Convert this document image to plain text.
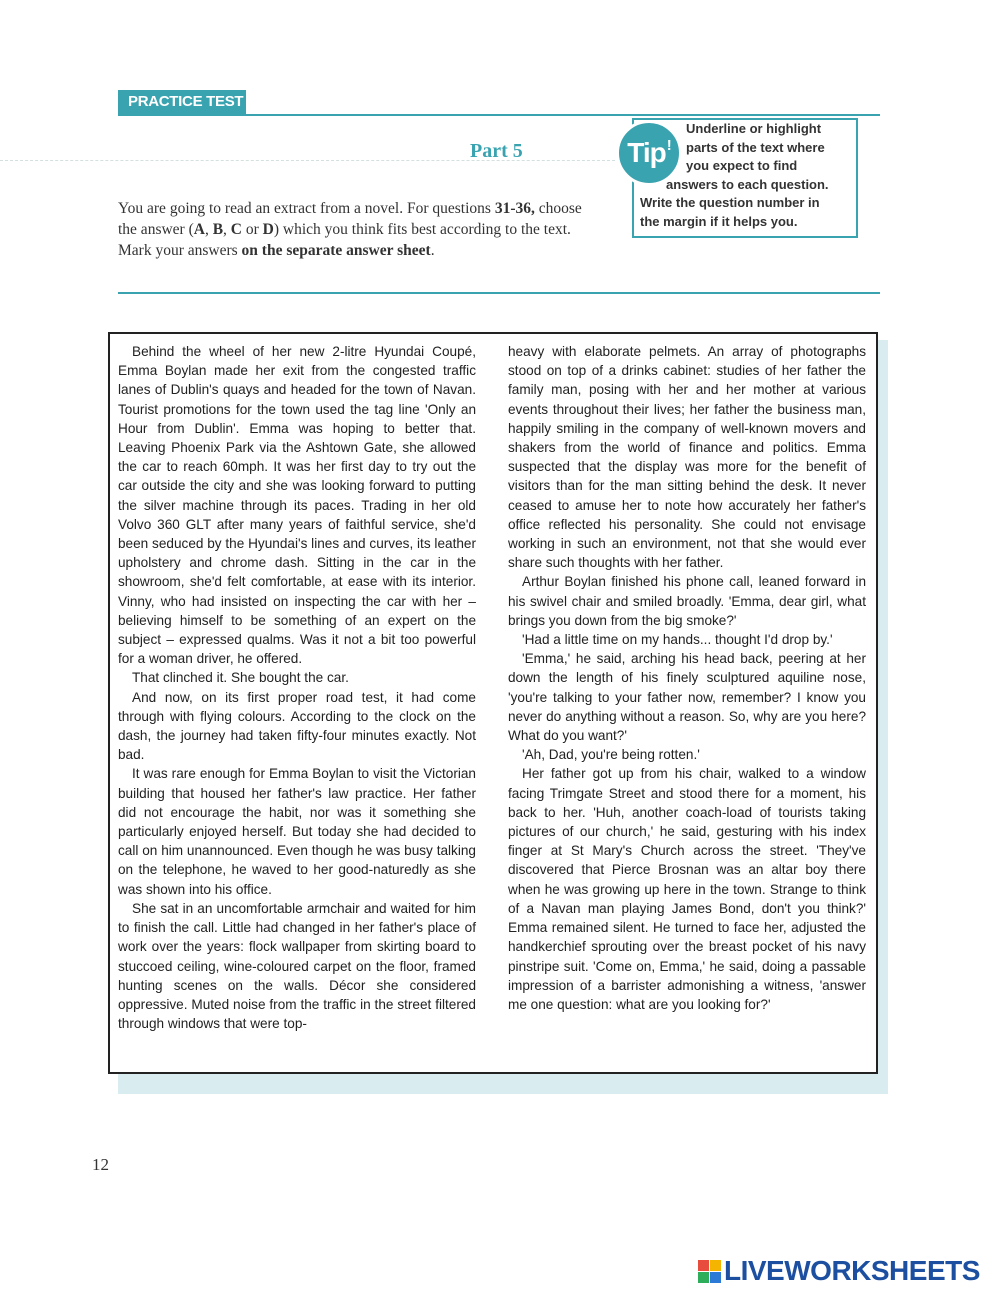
PRACTICE TEST 1
Part 5
Underline or highlight
parts of the text where
you expect to find
answers to each question.
Write the question number in
the margin if it helps you.
Tip !
You are going to read an extract from a novel. For questions 31-36, choose the answer (A, B, C or D) which you think fits best according to the text. Mark your answers on the separate answer sheet.

Behind the wheel of her new 2-litre Hyundai Coupé, Emma Boylan made her exit from the congested traffic lanes of Dublin's quays and headed for the town of Navan. Tourist promotions for the town used the tag line 'Only an Hour from Dublin'. Emma was hoping to better that. Leaving Phoenix Park via the Ashtown Gate, she allowed the car to reach 60mph. It was her first day to try out the car outside the city and she was looking forward to putting the silver machine through its paces. Trading in her old Volvo 360 GLT after many years of faithful service, she'd been seduced by the Hyundai's lines and curves, its leather upholstery and chrome dash. Sitting in the car in the showroom, she'd felt comfortable, at ease with its interior. Vinny, who had insisted on inspecting the car with her – believing himself to be something of an expert on the subject – expressed qualms. Was it not a bit too powerful for a woman driver, he offered.

That clinched it. She bought the car.

And now, on its first proper road test, it had come through with flying colours. According to the clock on the dash, the journey had taken fifty-four minutes exactly. Not bad.

It was rare enough for Emma Boylan to visit the Victorian building that housed her father's law practice. Her father did not encourage the habit, nor was it something she particularly enjoyed herself. But today she had decided to call on him unannounced. Even though he was busy talking on the telephone, he waved to her good-naturedly as she was shown into his office.

She sat in an uncomfortable armchair and waited for him to finish the call. Little had changed in her father's place of work over the years: flock wallpaper from skirting board to stuccoed ceiling, wine-coloured carpet on the floor, framed hunting scenes on the walls. Décor she considered oppressive. Muted noise from the traffic in the street filtered through windows that were top-

heavy with elaborate pelmets. An array of photographs stood on top of a drinks cabinet: studies of her father the family man, posing with her and her mother at various events throughout their lives; her father the business man, happily smiling in the company of well-known movers and shakers from the world of finance and politics. Emma suspected that the display was more for the benefit of visitors than for the man sitting behind the desk. It never ceased to amuse her to note how accurately her father's office reflected his personality. She could not envisage working in such an environment, not that she would ever share such thoughts with her father.

Arthur Boylan finished his phone call, leaned forward in his swivel chair and smiled broadly. 'Emma, dear girl, what brings you down from the big smoke?'

'Had a little time on my hands... thought I'd drop by.'

'Emma,' he said, arching his head back, peering at her down the length of his finely sculptured aquiline nose, 'you're talking to your father now, remember? I know you never do anything without a reason. So, why are you here? What do you want?'

'Ah, Dad, you're being rotten.'

Her father got up from his chair, walked to a window facing Trimgate Street and stood there for a moment, his back to her. 'Huh, another coach-load of tourists taking pictures of our church,' he said, gesturing with his index finger at St Mary's Church across the street. 'They've discovered that Pierce Brosnan was an altar boy there when he was growing up here in the town. Strange to think of a Navan man playing James Bond, don't you think?' Emma remained silent. He turned to face her, adjusted the handkerchief sprouting over the breast pocket of his navy pinstripe suit. 'Come on, Emma,' he said, doing a passable impression of a barrister admonishing a witness, 'answer me one question: what are you looking for?'

12
LIVEWORKSHEETS
